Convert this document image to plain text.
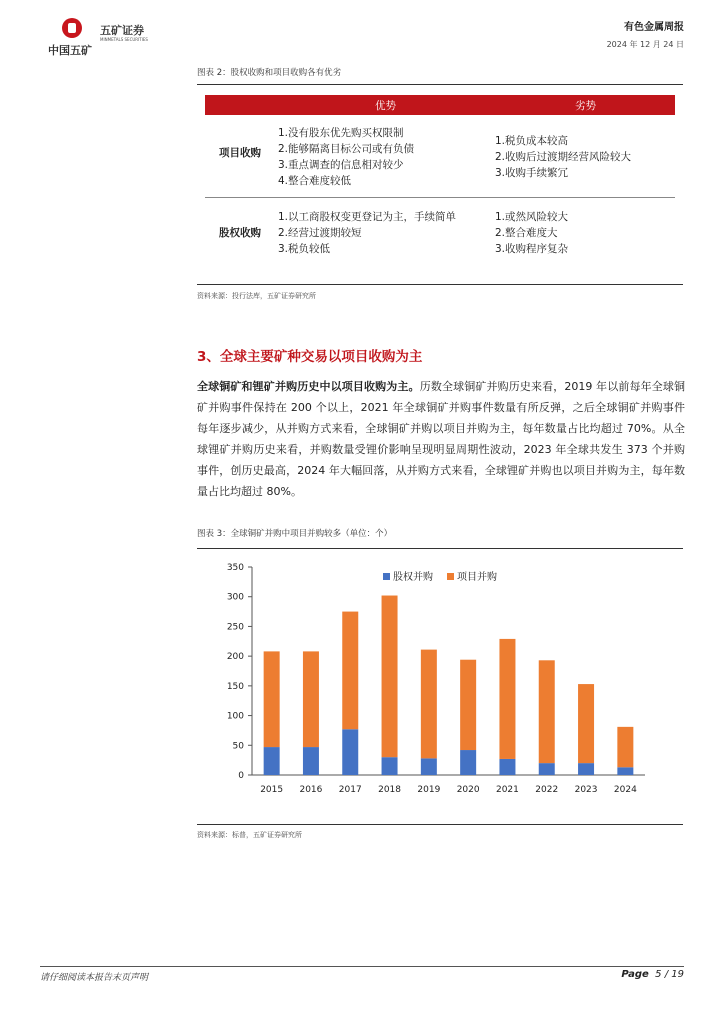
中国五矿
五矿证券
MINMETALS SECURITIES
有色金属周报
2024 年 12 月 24 日
图表 2：股权收购和项目收购各有优劣
优势	劣势
项目收购
1.没有股东优先购买权限制
2.能够隔离目标公司或有负债
3.重点调查的信息相对较少
4.整合难度较低
1.税负成本较高
2.收购后过渡期经营风险较大
3.收购手续繁冗
股权收购
1.以工商股权变更登记为主，手续简单
2.经营过渡期较短
3.税负较低
1.或然风险较大
2.整合难度大
3.收购程序复杂
资料来源：投行法库，五矿证券研究所
3、全球主要矿种交易以项目收购为主
全球铜矿和锂矿并购历史中以项目收购为主。历数全球铜矿并购历史来看，2019 年以前每年全球铜矿并购事件保持在 200 个以上，2021 年全球铜矿并购事件数量有所反弹，之后全球铜矿并购事件每年逐步减少，从并购方式来看，全球铜矿并购以项目并购为主，每年数量占比均超过 70%。从全球锂矿并购历史来看，并购数量受锂价影响呈现明显周期性波动，2023 年全球共发生 373 个并购事件，创历史最高，2024 年大幅回落，从并购方式来看，全球锂矿并购也以项目并购为主，每年数量占比均超过 80%。
图表 3：全球铜矿并购中项目并购较多（单位：个）
0
50
100
150
200
250
300
350
2015 2016 2017 2018 2019 2020 2021 2022 2023 2024
股权并购 项目并购
资料来源：标普，五矿证券研究所
请仔细阅读本报告末页声明	Page 5 / 19
